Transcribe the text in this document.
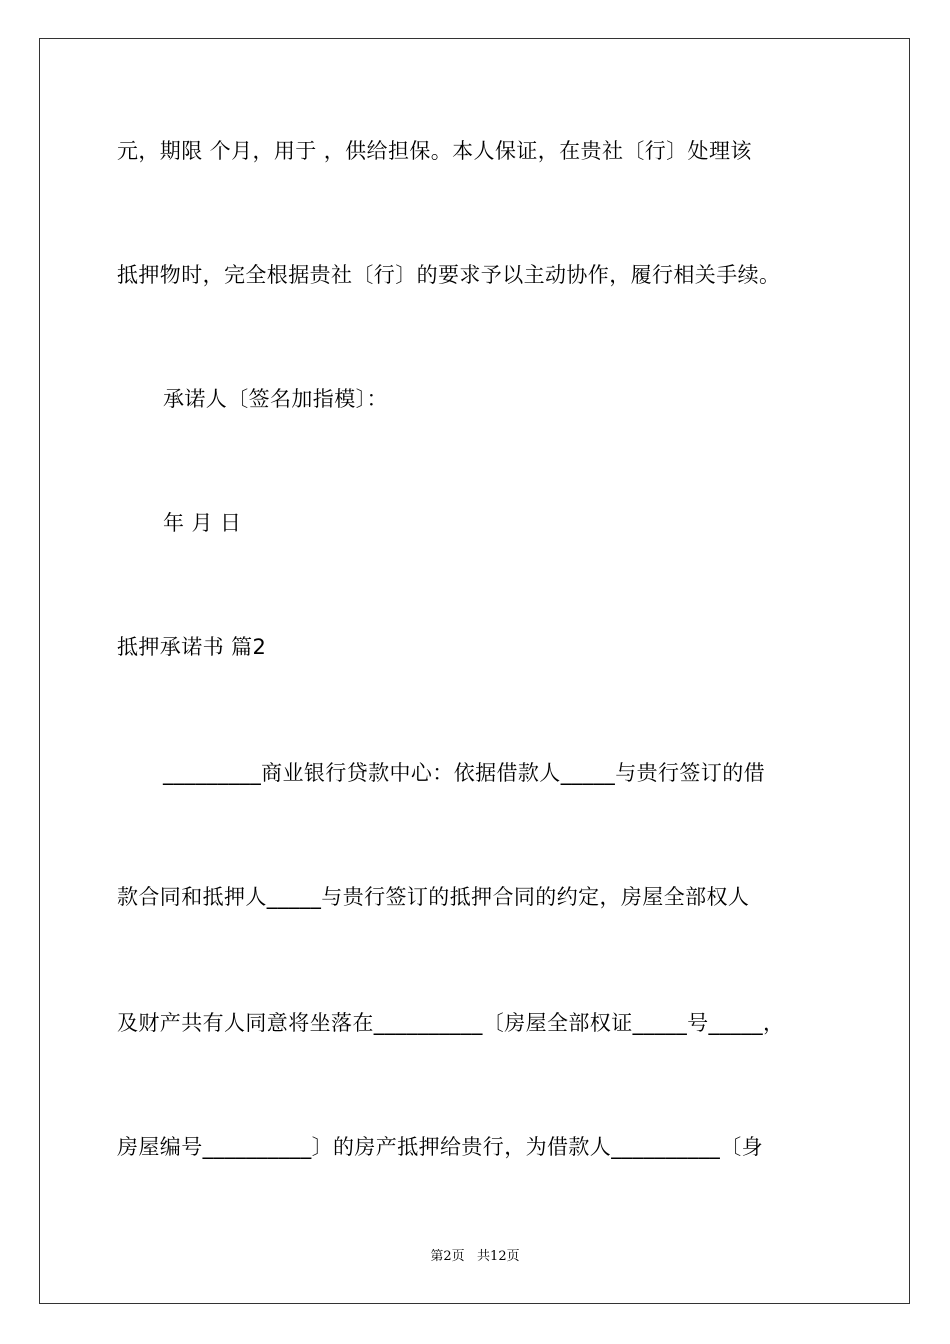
元，期限 个月，用于 ，供给担保。本人保证，在贵社〔行〕处理该
抵押物时，完全根据贵社〔行〕的要求予以主动协作，履行相关手续。
承诺人〔签名加指模〕：
年 月 日
抵押承诺书 篇2
_________商业银行贷款中心：依据借款人_____与贵行签订的借
款合同和抵押人_____与贵行签订的抵押合同的约定，房屋全部权人
及财产共有人同意将坐落在__________〔房屋全部权证_____号_____，
房屋编号__________〕的房产抵押给贵行，为借款人__________〔身
第2页   共12页
